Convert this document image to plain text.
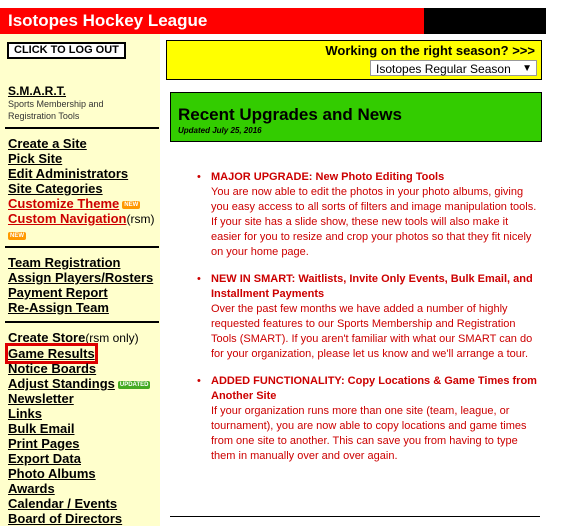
Isotopes Hockey League
CLICK TO LOG OUT
S.M.A.R.T.
Sports Membership and Registration Tools
Create a Site
Pick Site
Edit Administrators
Site Categories
Customize Theme NEW
Custom Navigation(rsm)
NEW
Team Registration
Assign Players/Rosters
Payment Report
Re-Assign Team
Create Store(rsm only)
Game Results
Notice Boards
Adjust Standings UPDATED
Newsletter
Links
Bulk Email
Print Pages
Export Data
Photo Albums
Awards
Calendar / Events
Board of Directors
Working on the right season? >>>
Isotopes Regular Season ▼
Recent Upgrades and News
Updated July 25, 2016
• MAJOR UPGRADE: New Photo Editing Tools
You are now able to edit the photos in your photo albums, giving you easy access to all sorts of filters and image manipulation tools. If your site has a slide show, these new tools will also make it easier for you to resize and crop your photos so that they fit nicely on your home page.
• NEW IN SMART: Waitlists, Invite Only Events, Bulk Email, and Installment Payments
Over the past few months we have added a number of highly requested features to our Sports Membership and Registration Tools (SMART). If you aren't familiar with what our SMART can do for your organization, please let us know and we'll arrange a tour.
• ADDED FUNCTIONALITY: Copy Locations & Game Times from Another Site
If your organization runs more than one site (team, league, or tournament), you are now able to copy locations and game times from one site to another. This can save you from having to type them in manually over and over again.
